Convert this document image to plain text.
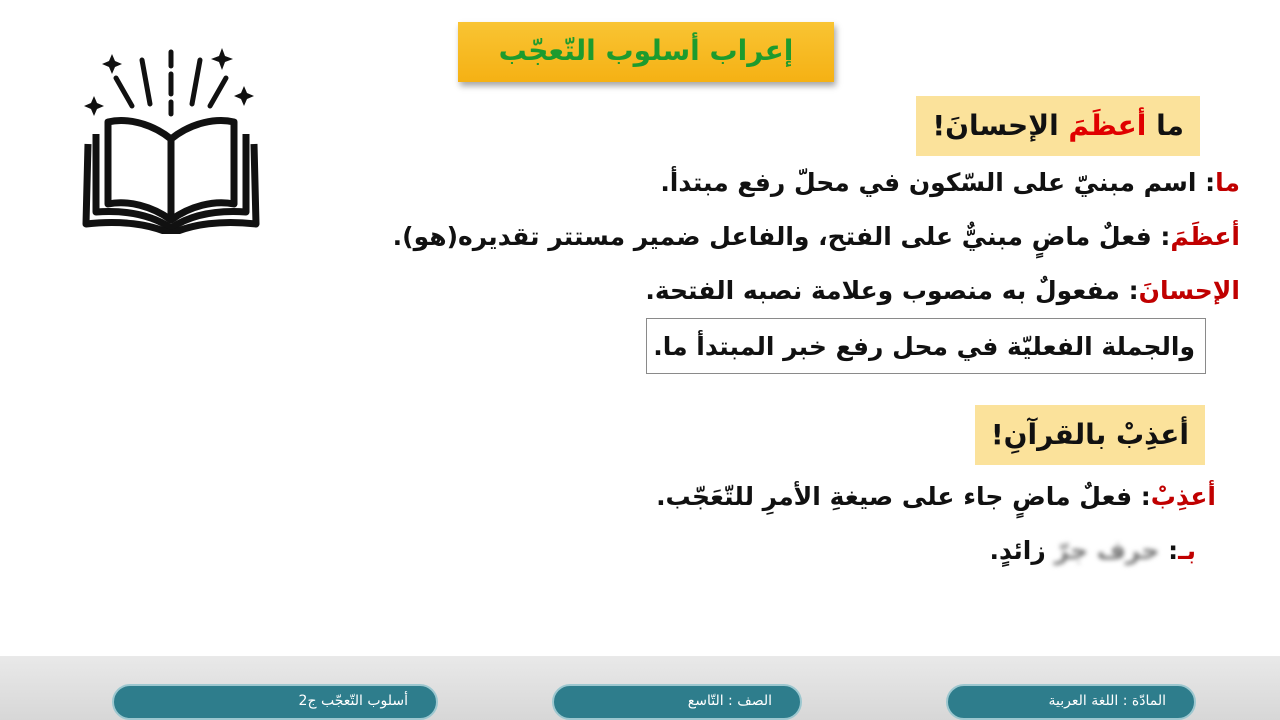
إعراب أسلوب التّعجّب
ما أعظَمَ الإحسانَ!
ما: اسم مبنيّ على السّكون في محلّ رفع مبتدأ.
أعظَمَ: فعلٌ ماضٍ مبنيٌّ على الفتح، والفاعل ضمير مستتر تقديره(هو).
الإحسانَ: مفعولٌ به منصوب وعلامة نصبه الفتحة.
والجملة الفعليّة في محل رفع خبر المبتدأ ما.
أعذِبْ بالقرآنِ!
أعذِبْ: فعلٌ ماضٍ جاء على صيغةِ الأمرِ للتّعَجّب.
بـ: حرف جرّ زائدٍ.
المادّة : اللغة العربية
الصف : التّاسع
أسلوب التّعجّب ج2
